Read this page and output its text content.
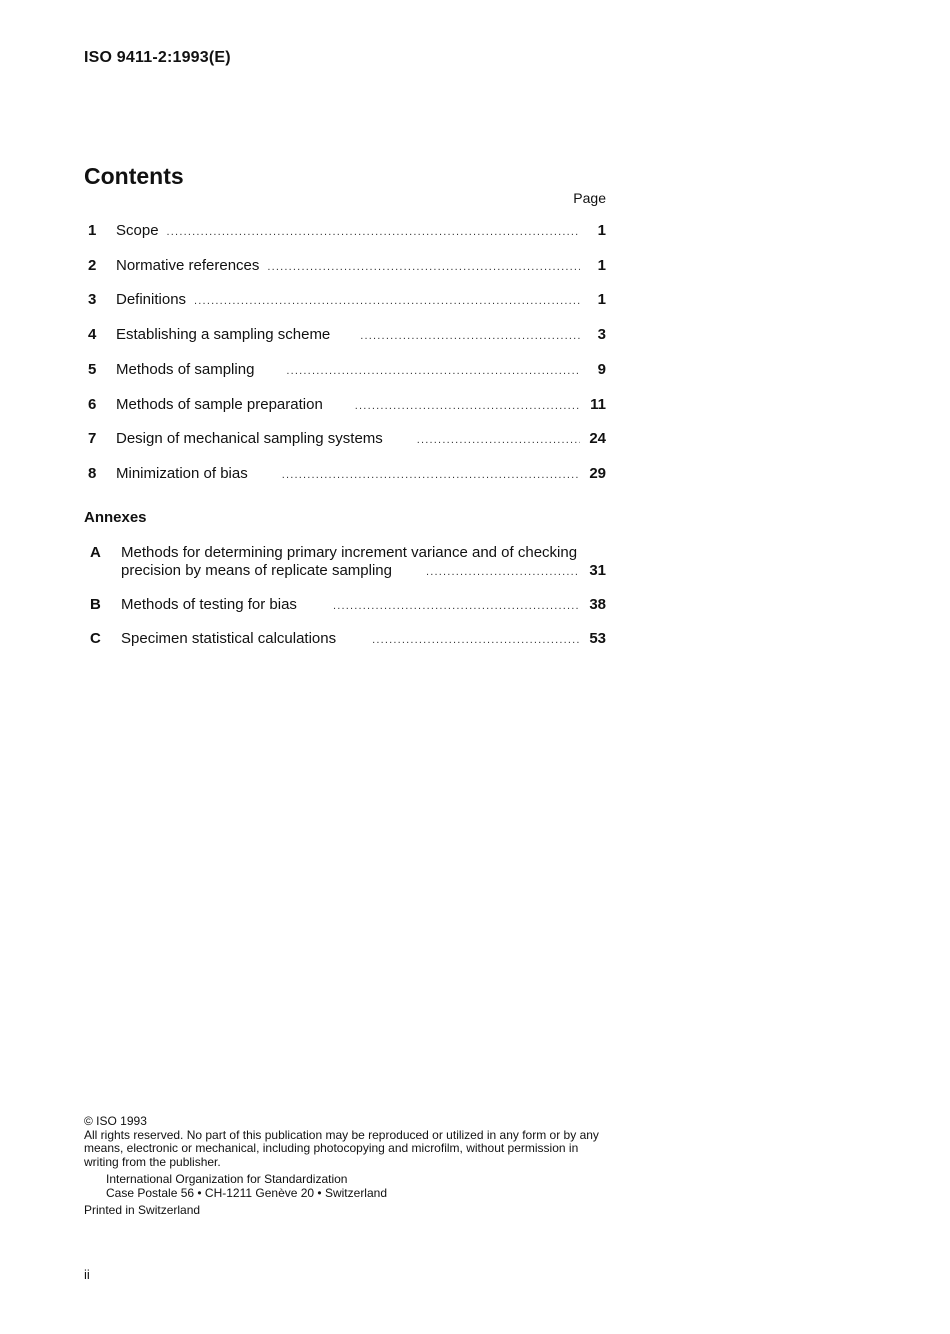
ISO 9411-2:1993(E)
Contents
Page
1	Scope .....	1
2	Normative references .....	1
3	Definitions .....	1
4	Establishing a sampling scheme .....	3
5	Methods of sampling .....	9
6	Methods of sample preparation .....	11
7	Design of mechanical sampling systems .....	24
8	Minimization of bias .....	29
Annexes
A Methods for determining primary increment variance and of checking
precision by means of replicate sampling .....	31
B Methods of testing for bias .....	38
C Specimen statistical calculations .....	53
© ISO 1993
All rights reserved. No part of this publication may be reproduced or utilized in any form or by any means, electronic or mechanical, including photocopying and microfilm, without permission in writing from the publisher.
International Organization for Standardization
Case Postale 56 • CH-1211 Genève 20 • Switzerland
Printed in Switzerland
ii
